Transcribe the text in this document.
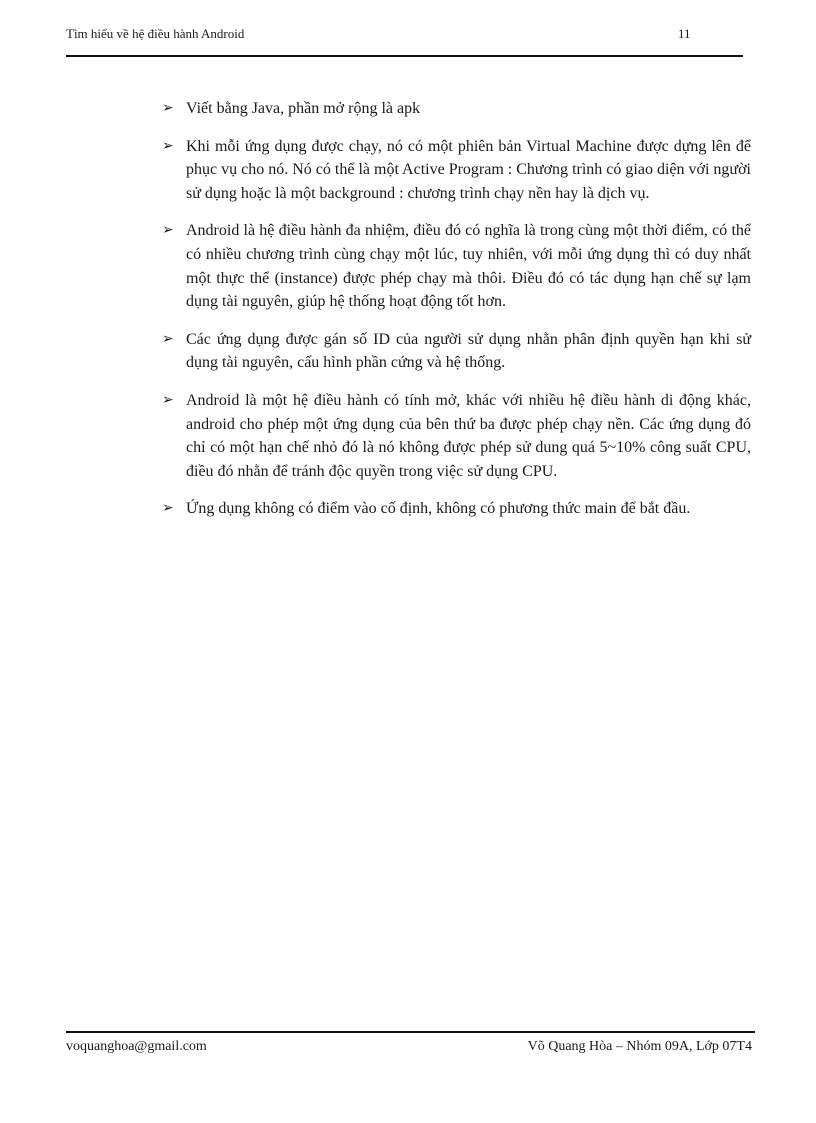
Tìm hiểu về hệ điều hành Android	11
➢ Viết bằng Java, phần mở rộng là apk
➢ Khi mỗi ứng dụng được chạy, nó có một phiên bản Virtual Machine được dựng lên để phục vụ cho nó. Nó có thể là một Active Program : Chương trình có giao diện với người sử dụng hoặc là một background : chương trình chạy nền hay là dịch vụ.
➢ Android là hệ điều hành đa nhiệm, điều đó có nghĩa là trong cùng một thời điểm, có thể có nhiều chương trình cùng chạy một lúc, tuy nhiên, với mỗi ứng dụng thì có duy nhất một thực thể (instance) được phép chạy mà thôi. Điều đó có tác dụng hạn chế sự lạm dụng tài nguyên, giúp hệ thống hoạt động tốt hơn.
➢ Các ứng dụng được gán số ID của người sử dụng nhằn phân định quyền hạn khi sử dụng tài nguyên, cấu hình phần cứng và hệ thống.
➢ Android là một hệ điều hành có tính mở, khác với nhiều hệ điều hành di động khác, android cho phép một ứng dụng của bên thứ ba được phép chạy nền. Các ứng dụng đó chỉ có một hạn chế nhỏ đó là nó không được phép sử dung quá 5~10% công suất CPU, điều đó nhằn để tránh độc quyền trong việc sử dụng CPU.
➢ Ứng dụng không có điểm vào cố định, không có phương thức main để bắt đầu.
voquanghoa@gmail.com	Võ Quang Hòa – Nhóm 09A, Lớp 07T4
